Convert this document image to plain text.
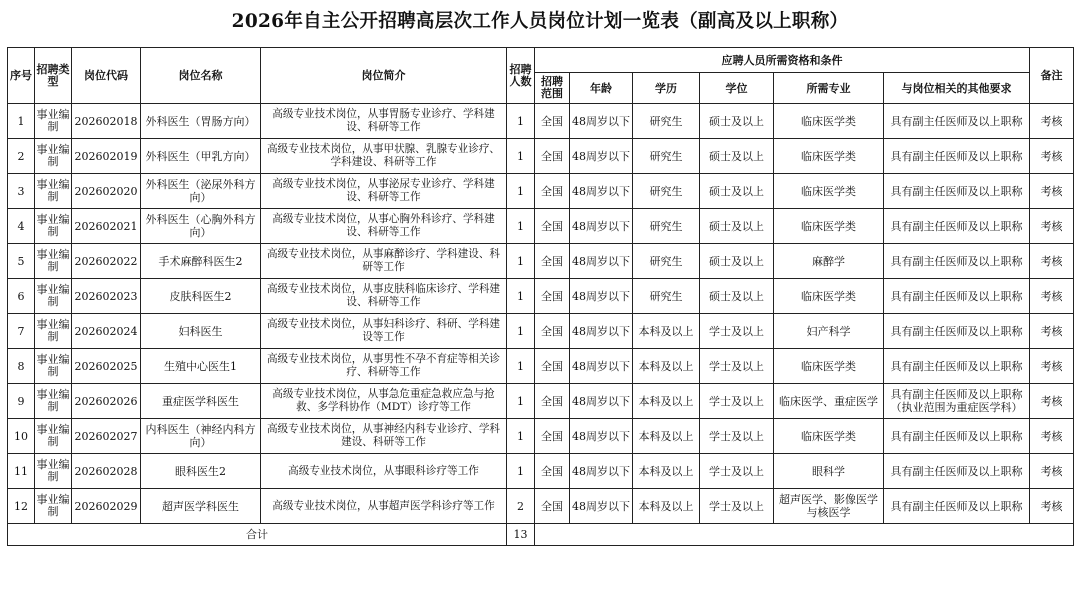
2026年自主公开招聘高层次工作人员岗位计划一览表（副高及以上职称）
序号	招聘类型	岗位代码	岗位名称	岗位简介	招聘人数	应聘人员所需资格和条件						备注
						招聘范围	年龄	学历	学位	所需专业	与岗位相关的其他要求	
1	事业编制	202602018	外科医生（胃肠方向）	高级专业技术岗位，从事胃肠专业诊疗、学科建设、科研等工作	1	全国	48周岁以下	研究生	硕士及以上	临床医学类	具有副主任医师及以上职称	考核
2	事业编制	202602019	外科医生（甲乳方向）	高级专业技术岗位，从事甲状腺、乳腺专业诊疗、学科建设、科研等工作	1	全国	48周岁以下	研究生	硕士及以上	临床医学类	具有副主任医师及以上职称	考核
3	事业编制	202602020	外科医生（泌尿外科方向）	高级专业技术岗位，从事泌尿专业诊疗、学科建设、科研等工作	1	全国	48周岁以下	研究生	硕士及以上	临床医学类	具有副主任医师及以上职称	考核
4	事业编制	202602021	外科医生（心胸外科方向）	高级专业技术岗位，从事心胸外科诊疗、学科建设、科研等工作	1	全国	48周岁以下	研究生	硕士及以上	临床医学类	具有副主任医师及以上职称	考核
5	事业编制	202602022	手术麻醉科医生2	高级专业技术岗位，从事麻醉诊疗、学科建设、科研等工作	1	全国	48周岁以下	研究生	硕士及以上	麻醉学	具有副主任医师及以上职称	考核
6	事业编制	202602023	皮肤科医生2	高级专业技术岗位，从事皮肤科临床诊疗、学科建设、科研等工作	1	全国	48周岁以下	研究生	硕士及以上	临床医学类	具有副主任医师及以上职称	考核
7	事业编制	202602024	妇科医生	高级专业技术岗位，从事妇科诊疗、科研、学科建设等工作	1	全国	48周岁以下	本科及以上	学士及以上	妇产科学	具有副主任医师及以上职称	考核
8	事业编制	202602025	生殖中心医生1	高级专业技术岗位，从事男性不孕不育症等相关诊疗、科研等工作	1	全国	48周岁以下	本科及以上	学士及以上	临床医学类	具有副主任医师及以上职称	考核
9	事业编制	202602026	重症医学科医生	高级专业技术岗位，从事急危重症急救应急与抢救、多学科协作（MDT）诊疗等工作	1	全国	48周岁以下	本科及以上	学士及以上	临床医学、重症医学	具有副主任医师及以上职称（执业范围为重症医学科）	考核
10	事业编制	202602027	内科医生（神经内科方向）	高级专业技术岗位，从事神经内科专业诊疗、学科建设、科研等工作	1	全国	48周岁以下	本科及以上	学士及以上	临床医学类	具有副主任医师及以上职称	考核
11	事业编制	202602028	眼科医生2	高级专业技术岗位，从事眼科诊疗等工作	1	全国	48周岁以下	本科及以上	学士及以上	眼科学	具有副主任医师及以上职称	考核
12	事业编制	202602029	超声医学科医生	高级专业技术岗位，从事超声医学科诊疗等工作	2	全国	48周岁以下	本科及以上	学士及以上	超声医学、影像医学与核医学	具有副主任医师及以上职称	考核
合计					13							
